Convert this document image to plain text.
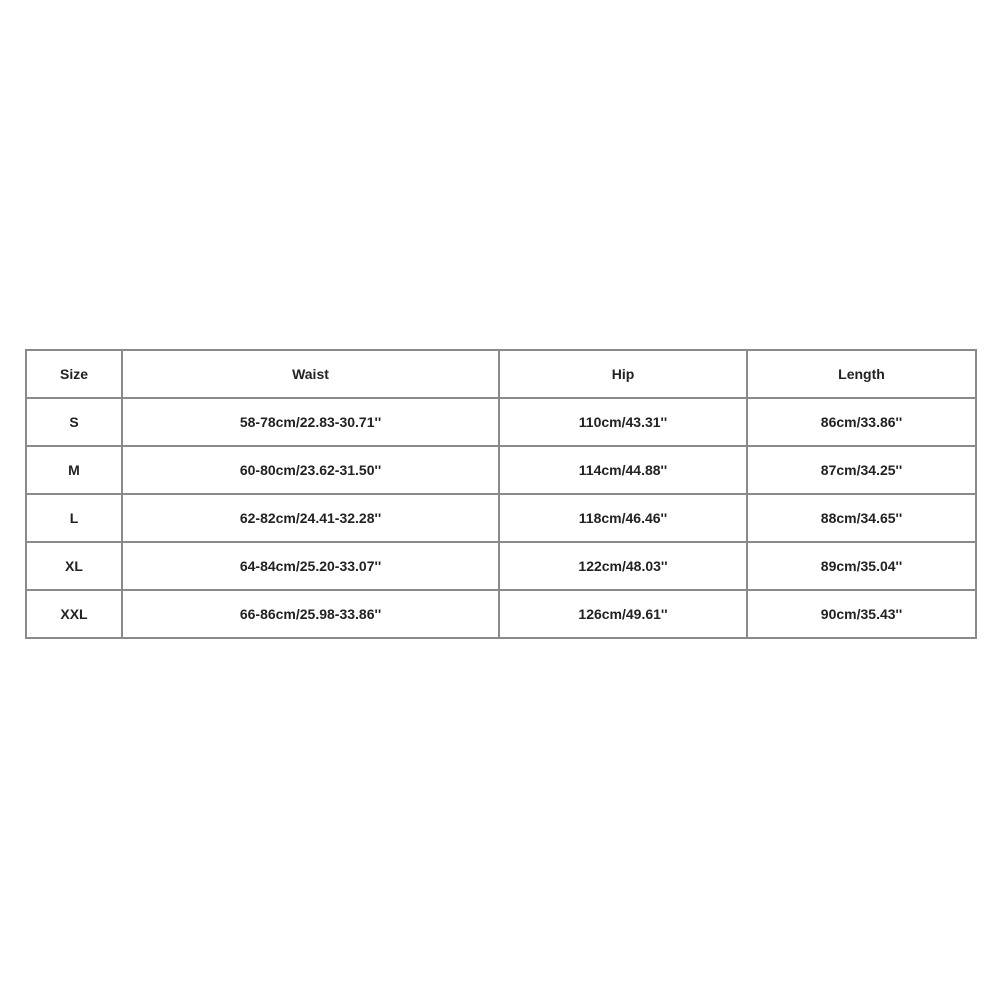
Size	Waist	Hip	Length
S	58-78cm/22.83-30.71''	110cm/43.31''	86cm/33.86''
M	60-80cm/23.62-31.50''	114cm/44.88''	87cm/34.25''
L	62-82cm/24.41-32.28''	118cm/46.46''	88cm/34.65''
XL	64-84cm/25.20-33.07''	122cm/48.03''	89cm/35.04''
XXL	66-86cm/25.98-33.86''	126cm/49.61''	90cm/35.43''
